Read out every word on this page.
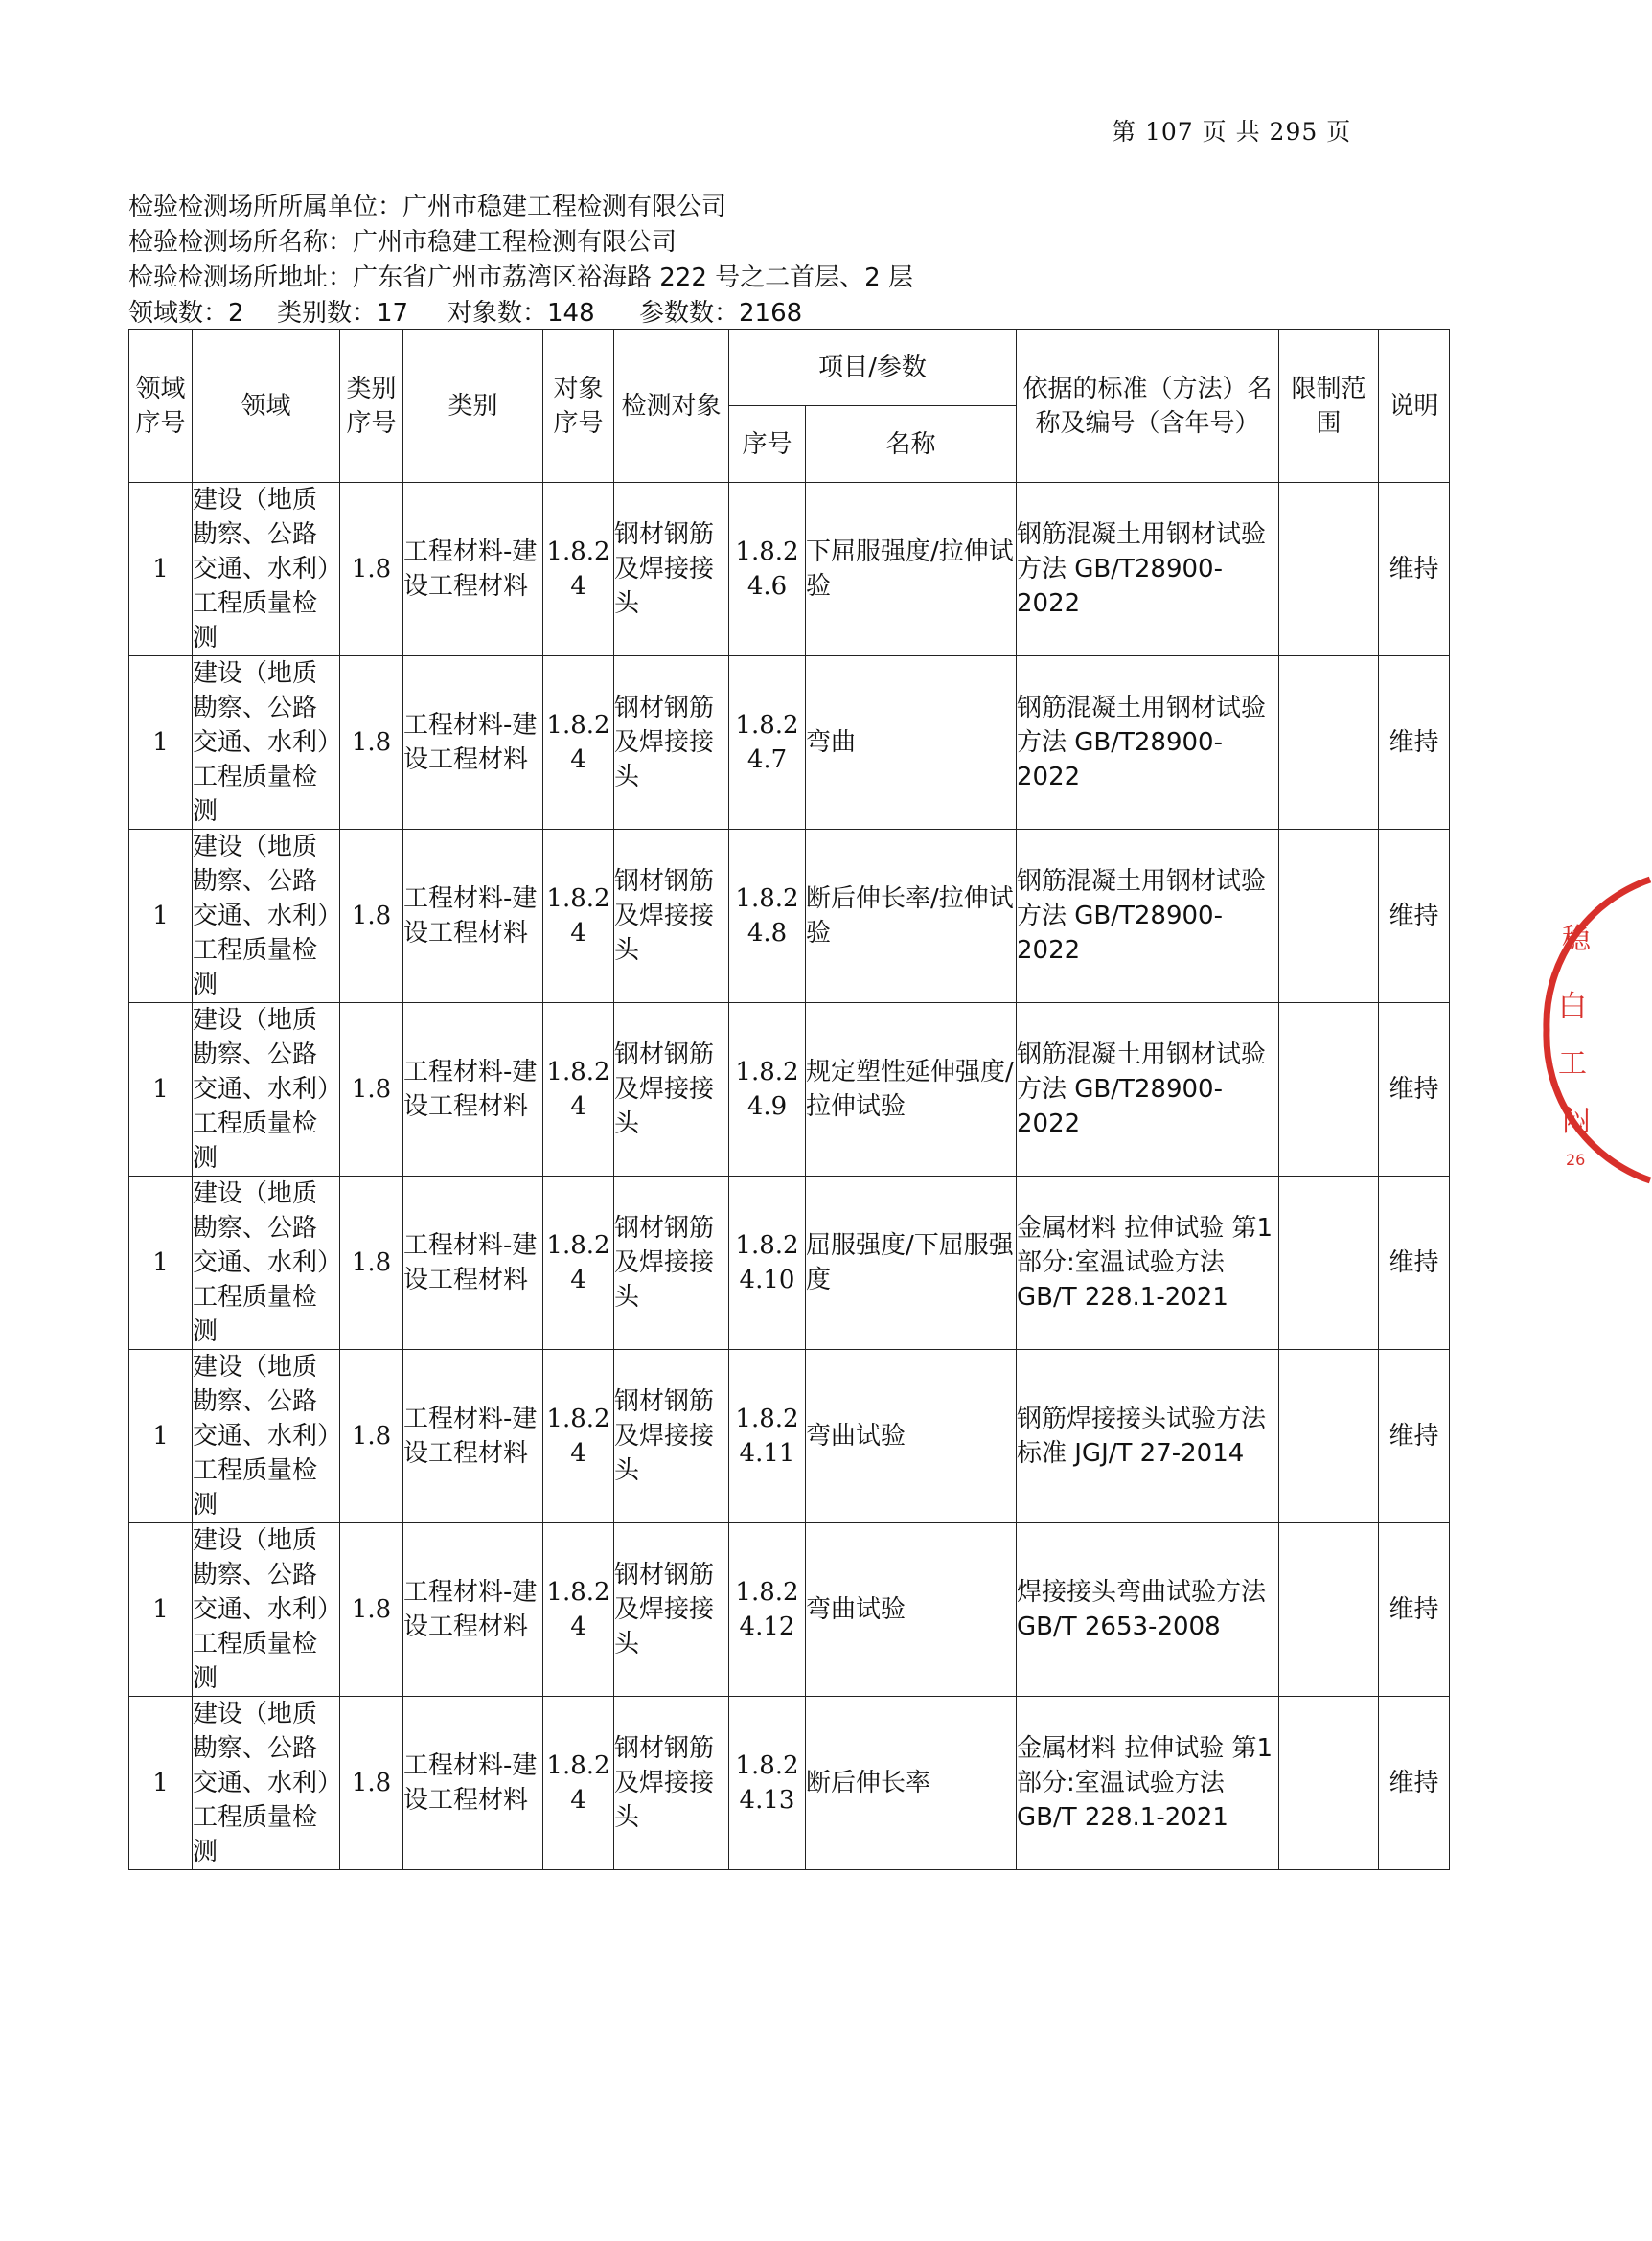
第 107 页 共 295 页
检验检测场所所属单位：广州市稳建工程检测有限公司
检验检测场所名称：广州市稳建工程检测有限公司
检验检测场所地址：广东省广州市荔湾区裕海路 222 号之二首层、2 层
领域数：2 类别数：17 对象数：148 参数数：2168
领域序号	领域	类别序号	类别	对象序号	检测对象	项目/参数		依据的标准（方法）名称及编号（含年号）	限制范围	说明
						序号	名称			
1	建设（地质勘察、公路交通、水利）工程质量检测	1.8	工程材料-建设工程材料	1.8.24	钢材钢筋及焊接接头	1.8.24.6	下屈服强度/拉伸试验	钢筋混凝土用钢材试验方法 GB/T28900-2022		维持
1	建设（地质勘察、公路交通、水利）工程质量检测	1.8	工程材料-建设工程材料	1.8.24	钢材钢筋及焊接接头	1.8.24.7	弯曲	钢筋混凝土用钢材试验方法 GB/T28900-2022		维持
1	建设（地质勘察、公路交通、水利）工程质量检测	1.8	工程材料-建设工程材料	1.8.24	钢材钢筋及焊接接头	1.8.24.8	断后伸长率/拉伸试验	钢筋混凝土用钢材试验方法 GB/T28900-2022		维持
1	建设（地质勘察、公路交通、水利）工程质量检测	1.8	工程材料-建设工程材料	1.8.24	钢材钢筋及焊接接头	1.8.24.9	规定塑性延伸强度/拉伸试验	钢筋混凝土用钢材试验方法 GB/T28900-2022		维持
1	建设（地质勘察、公路交通、水利）工程质量检测	1.8	工程材料-建设工程材料	1.8.24	钢材钢筋及焊接接头	1.8.24.10	屈服强度/下屈服强度	金属材料 拉伸试验 第1部分:室温试验方法 GB/T 228.1-2021		维持
1	建设（地质勘察、公路交通、水利）工程质量检测	1.8	工程材料-建设工程材料	1.8.24	钢材钢筋及焊接接头	1.8.24.11	弯曲试验	钢筋焊接接头试验方法标准 JGJ/T 27-2014		维持
1	建设（地质勘察、公路交通、水利）工程质量检测	1.8	工程材料-建设工程材料	1.8.24	钢材钢筋及焊接接头	1.8.24.12	弯曲试验	焊接接头弯曲试验方法 GB/T 2653-2008		维持
1	建设（地质勘察、公路交通、水利）工程质量检测	1.8	工程材料-建设工程材料	1.8.24	钢材钢筋及焊接接头	1.8.24.13	断后伸长率	金属材料 拉伸试验 第1部分:室温试验方法 GB/T 228.1-2021		维持
稳
白
工
闷
26
